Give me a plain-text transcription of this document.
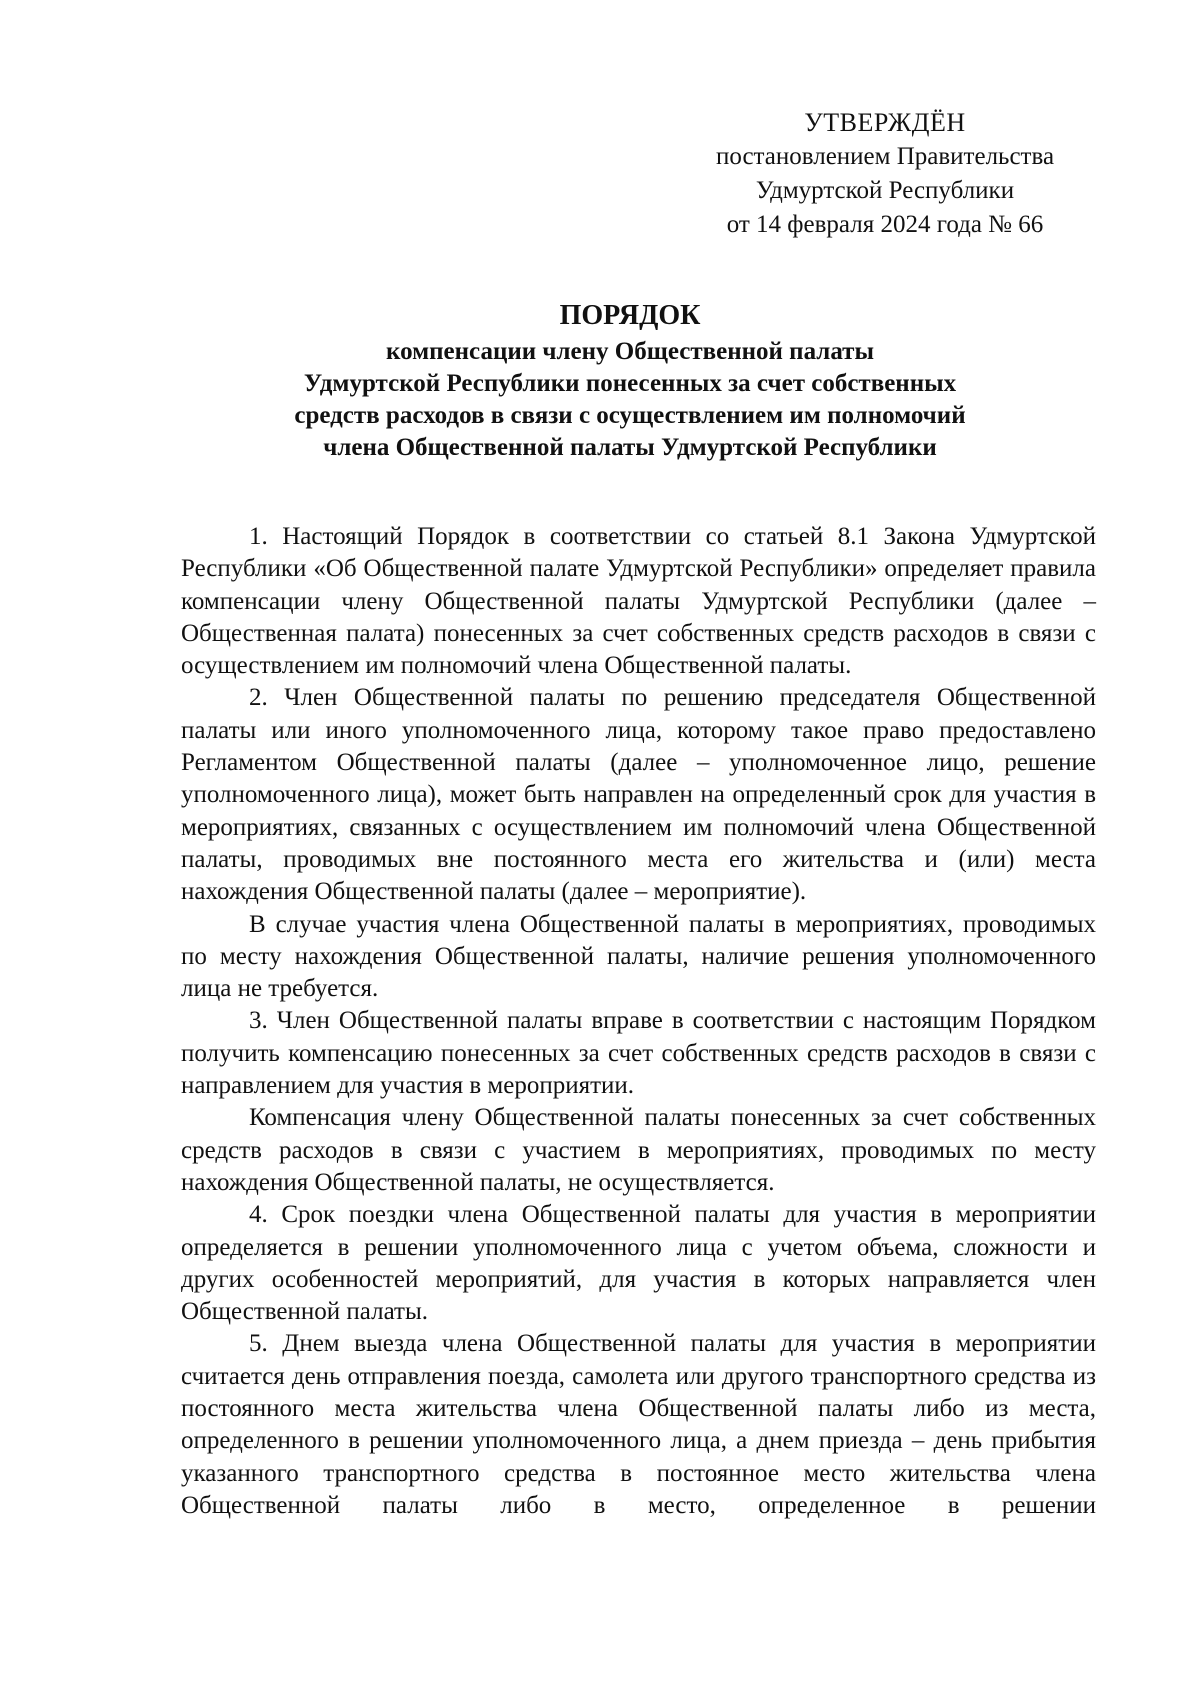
УТВЕРЖДЁН
постановлением Правительства
Удмуртской Республики
от 14 февраля 2024 года № 66
ПОРЯДОК
компенсации члену Общественной палаты
Удмуртской Республики понесенных за счет собственных
средств расходов в связи с осуществлением им полномочий
члена Общественной палаты Удмуртской Республики

1. Настоящий Порядок в соответствии со статьей 8.1 Закона Удмуртской Республики «Об Общественной палате Удмуртской Республики» определяет правила компенсации члену Общественной палаты Удмуртской Республики (далее – Общественная палата) понесенных за счет собственных средств расходов в связи с осуществлением им полномочий члена Общественной палаты.

2. Член Общественной палаты по решению председателя Общественной палаты или иного уполномоченного лица, которому такое право предоставлено Регламентом Общественной палаты (далее – уполномоченное лицо, решение уполномоченного лица), может быть направлен на определенный срок для участия в мероприятиях, связанных с осуществлением им полномочий члена Общественной палаты, проводимых вне постоянного места его жительства и (или) места нахождения Общественной палаты (далее – мероприятие).

В случае участия члена Общественной палаты в мероприятиях, проводимых по месту нахождения Общественной палаты, наличие решения уполномоченного лица не требуется.

3. Член Общественной палаты вправе в соответствии с настоящим Порядком получить компенсацию понесенных за счет собственных средств расходов в связи с направлением для участия в мероприятии.

Компенсация члену Общественной палаты понесенных за счет собственных средств расходов в связи с участием в мероприятиях, проводимых по месту нахождения Общественной палаты, не осуществляется.

4. Срок поездки члена Общественной палаты для участия в мероприятии определяется в решении уполномоченного лица с учетом объема, сложности и других особенностей мероприятий, для участия в которых направляется член Общественной палаты.

5. Днем выезда члена Общественной палаты для участия в мероприятии считается день отправления поезда, самолета или другого транспортного средства из постоянного места жительства члена Общественной палаты либо из места, определенного в решении уполномоченного лица, а днем приезда – день прибытия указанного транспортного средства в постоянное место жительства члена Общественной палаты либо в место, определенное в решении
